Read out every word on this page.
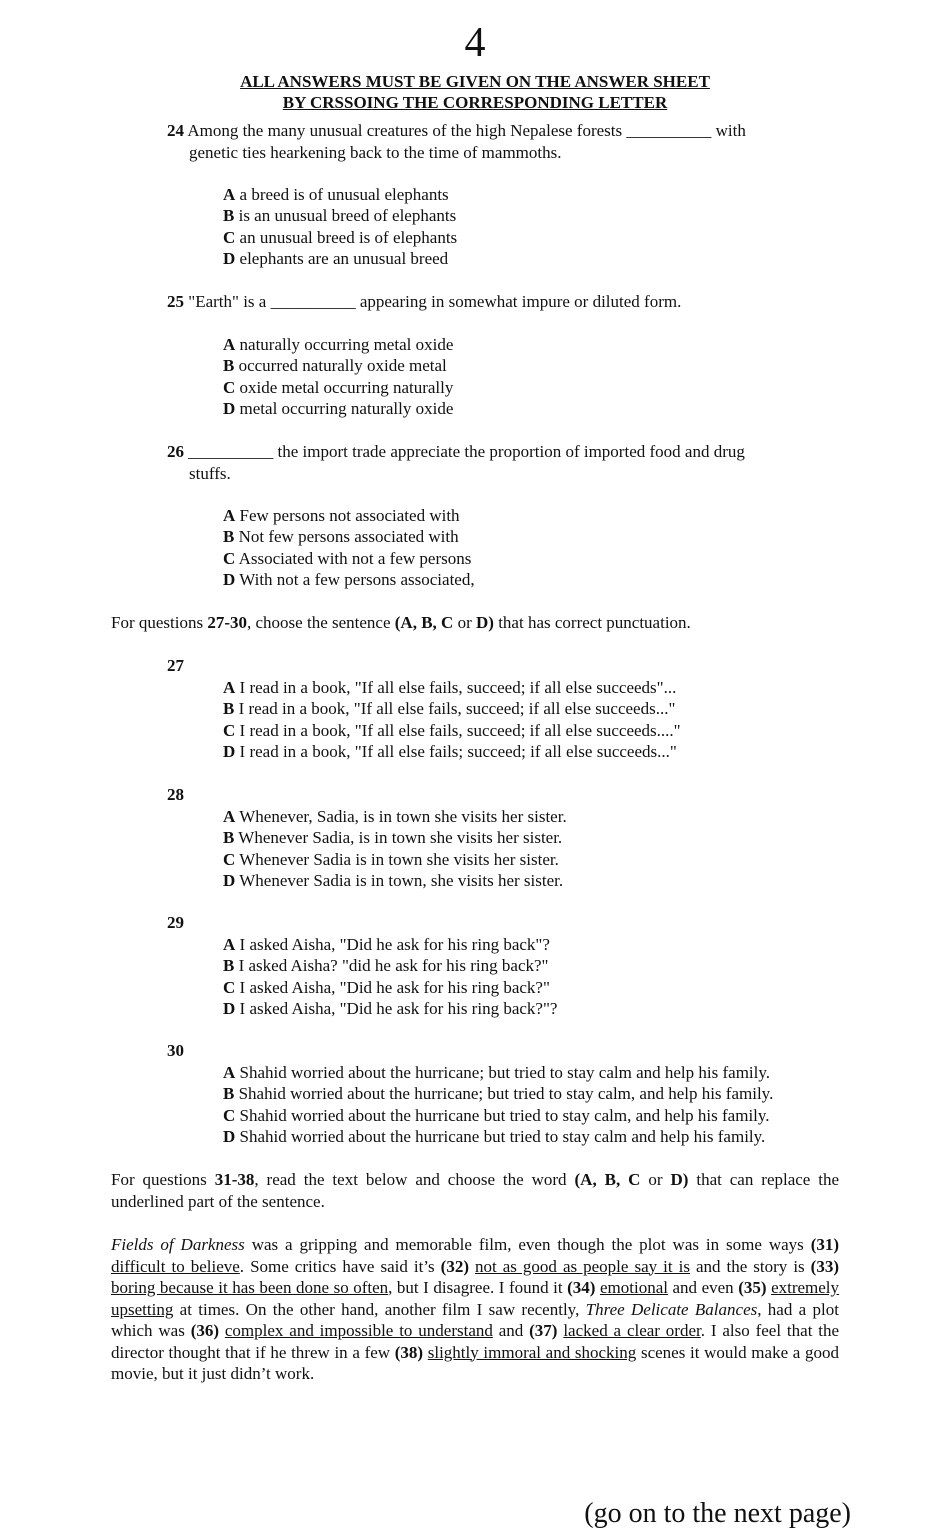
4
ALL ANSWERS MUST BE GIVEN ON THE ANSWER SHEET
BY CRSSOING THE CORRESPONDING LETTER
24 Among the many unusual creatures of the high Nepalese forests __________ with
genetic ties hearkening back to the time of mammoths.
A a breed is of unusual elephants
B is an unusual breed of elephants
C an unusual breed is of elephants
D elephants are an unusual breed
25 "Earth" is a __________ appearing in somewhat impure or diluted form.
A naturally occurring metal oxide
B occurred naturally oxide metal
C oxide metal occurring naturally
D metal occurring naturally oxide
26 __________ the import trade appreciate the proportion of imported food and drug
stuffs.
A Few persons not associated with
B Not few persons associated with
C Associated with not a few persons
D With not a few persons associated,
For questions 27-30, choose the sentence (A, B, C or D) that has correct punctuation.
27
A I read in a book, "If all else fails, succeed; if all else succeeds"...
B I read in a book, "If all else fails, succeed; if all else succeeds..."
C I read in a book, "If all else fails, succeed; if all else succeeds...."
D I read in a book, "If all else fails; succeed; if all else succeeds..."
28
A Whenever, Sadia, is in town she visits her sister.
B Whenever Sadia, is in town she visits her sister.
C Whenever Sadia is in town she visits her sister.
D Whenever Sadia is in town, she visits her sister.
29
A I asked Aisha, "Did he ask for his ring back"?
B I asked Aisha? "did he ask for his ring back?"
C I asked Aisha, "Did he ask for his ring back?"
D I asked Aisha, "Did he ask for his ring back?"?
30
A Shahid worried about the hurricane; but tried to stay calm and help his family.
B Shahid worried about the hurricane; but tried to stay calm, and help his family.
C Shahid worried about the hurricane but tried to stay calm, and help his family.
D Shahid worried about the hurricane but tried to stay calm and help his family.
For questions 31-38, read the text below and choose the word (A, B, C or D) that can replace the underlined part of the sentence.
Fields of Darkness was a gripping and memorable film, even though the plot was in some ways (31) difficult to believe. Some critics have said it’s (32) not as good as people say it is and the story is (33) boring because it has been done so often, but I disagree. I found it (34) emotional and even (35) extremely upsetting at times. On the other hand, another film I saw recently, Three Delicate Balances, had a plot which was (36) complex and impossible to understand and (37) lacked a clear order. I also feel that the director thought that if he threw in a few (38) slightly immoral and shocking scenes it would make a good movie, but it just didn’t work.
(go on to the next page)
